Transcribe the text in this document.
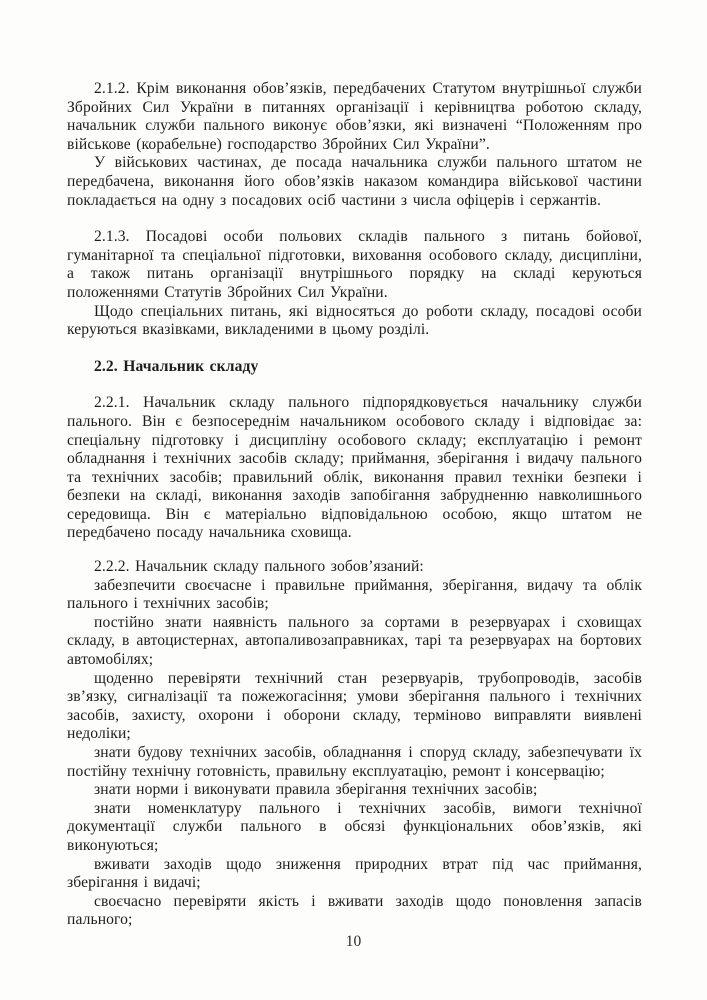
2.1.2. Крім виконання обов’язків, передбачених Статутом внутрішньої служби Збройних Сил України в питаннях організації і керівництва роботою складу, начальник служби пального виконує обов’язки, які визначені “Положенням про військове (корабельне) господарство Збройних Сил України”.

У військових частинах, де посада начальника служби пального штатом не передбачена, виконання його обов’язків наказом командира військової частини покладається на одну з посадових осіб частини з числа офіцерів і сержантів.

2.1.3. Посадові особи польових складів пального з питань бойової, гуманітарної та спеціальної підготовки, виховання особового складу, дисципліни, а також питань організації внутрішнього порядку на складі керуються положеннями Статутів Збройних Сил України.

Щодо спеціальних питань, які відносяться до роботи складу, посадові особи керуються вказівками, викладеними в цьому розділі.

2.2. Начальник складу

2.2.1. Начальник складу пального підпорядковується начальнику служби пального. Він є безпосереднім начальником особового складу і відповідає за: спеціальну підготовку і дисципліну особового складу; експлуатацію і ремонт обладнання і технічних засобів складу; приймання, зберігання і видачу пального та технічних засобів; правильний облік, виконання правил техніки безпеки і безпеки на складі, виконання заходів запобігання забрудненню навколишнього середовища. Він є матеріально відповідальною особою, якщо штатом не передбачено посаду начальника сховища.

2.2.2. Начальник складу пального зобов’язаний:

забезпечити своєчасне і правильне приймання, зберігання, видачу та облік пального і технічних засобів;

постійно знати наявність пального за сортами в резервуарах і сховищах складу, в автоцистернах, автопаливозаправниках, тарі та резервуарах на бортових автомобілях;

щоденно перевіряти технічний стан резервуарів, трубопроводів, засобів зв’язку, сигналізації та пожежогасіння; умови зберігання пального і технічних засобів, захисту, охорони і оборони складу, терміново виправляти виявлені недоліки;

знати будову технічних засобів, обладнання і споруд складу, забезпечувати їх постійну технічну готовність, правильну експлуатацію, ремонт і консервацію;

знати норми і виконувати правила зберігання технічних засобів;

знати номенклатуру пального і технічних засобів, вимоги технічної документації служби пального в обсязі функціональних обов’язків, які виконуються;

вживати заходів щодо зниження природних втрат під час приймання, зберігання і видачі;

своєчасно перевіряти якість і вживати заходів щодо поновлення запасів пального;

10
